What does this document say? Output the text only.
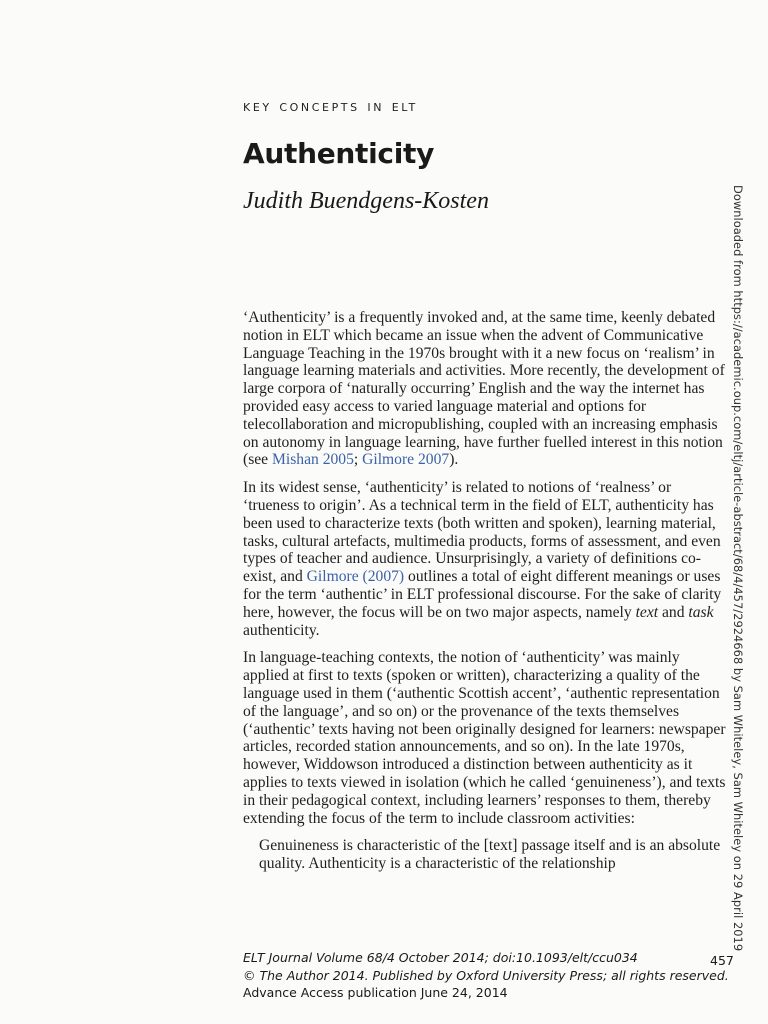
key concepts in elt
Authenticity
Judith Buendgens-Kosten

‘Authenticity’ is a frequently invoked and, at the same time, keenly debated notion in ELT which became an issue when the advent of Communicative Language Teaching in the 1970s brought with it a new focus on ‘realism’ in language learning materials and activities. More recently, the development of large corpora of ‘naturally occurring’ English and the way the internet has provided easy access to varied language material and options for telecollaboration and micropublishing, coupled with an increasing emphasis on autonomy in language learning, have further fuelled interest in this notion (see Mishan 2005; Gilmore 2007).

In its widest sense, ‘authenticity’ is related to notions of ‘realness’ or ‘trueness to origin’. As a technical term in the field of ELT, authenticity has been used to characterize texts (both written and spoken), learning material, tasks, cultural artefacts, multimedia products, forms of assessment, and even types of teacher and audience. Unsurprisingly, a variety of definitions co-exist, and Gilmore (2007) outlines a total of eight different meanings or uses for the term ‘authentic’ in ELT professional discourse. For the sake of clarity here, however, the focus will be on two major aspects, namely text and task authenticity.

In language-teaching contexts, the notion of ‘authenticity’ was mainly applied at first to texts (spoken or written), characterizing a quality of the language used in them (‘authentic Scottish accent’, ‘authentic representation of the language’, and so on) or the provenance of the texts themselves (‘authentic’ texts having not been originally designed for learners: newspaper articles, recorded station announcements, and so on). In the late 1970s, however, Widdowson introduced a distinction between authenticity as it applies to texts viewed in isolation (which he called ‘genuineness’), and texts in their pedagogical context, including learners’ responses to them, thereby extending the focus of the term to include classroom activities:

Genuineness is characteristic of the [text] passage itself and is an absolute quality. Authenticity is a characteristic of the relationship	Downloaded from https://academic.oup.com/eltj/article-abstract/68/4/457/2924668 by Sam Whiteley, Sam Whiteley on 29 April 2019
ELT Journal Volume 68/4 October 2014; doi:10.1093/elt/ccu034
© The Author 2014. Published by Oxford University Press; all rights reserved.
Advance Access publication June 24, 2014
457
